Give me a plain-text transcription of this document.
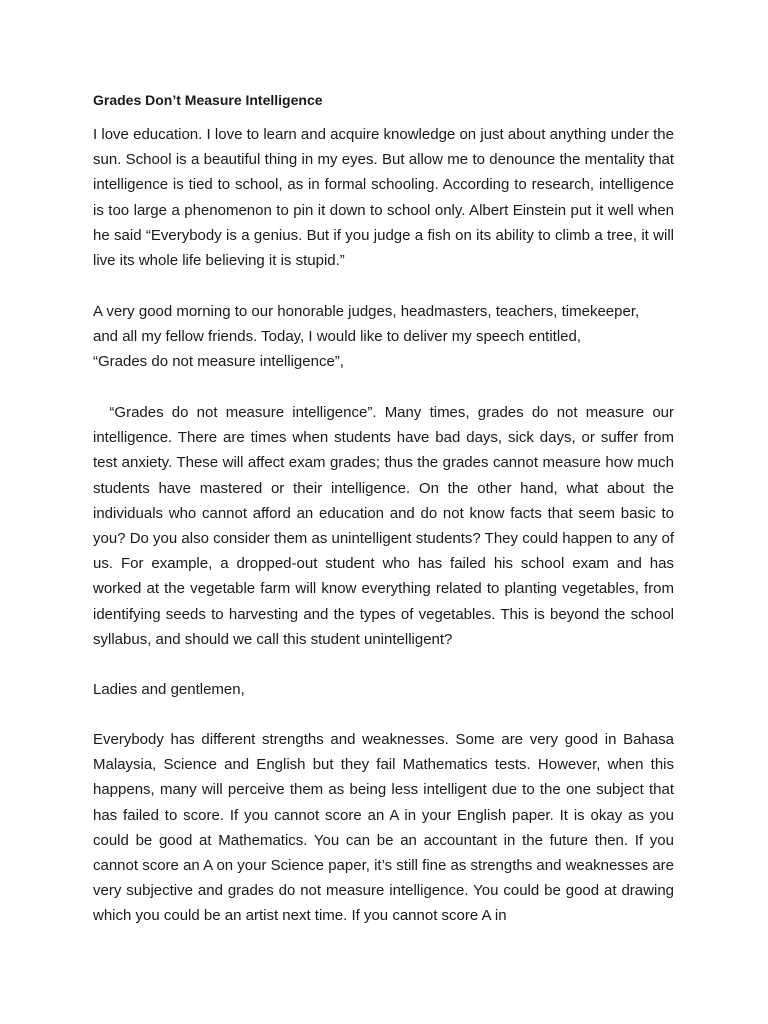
Grades Don’t Measure Intelligence

I love education. I love to learn and acquire knowledge on just about anything under the sun. School is a beautiful thing in my eyes. But allow me to denounce the mentality that intelligence is tied to school, as in formal schooling. According to research, intelligence is too large a phenomenon to pin it down to school only. Albert Einstein put it well when he said “Everybody is a genius. But if you judge a fish on its ability to climb a tree, it will live its whole life believing it is stupid.”

A very good morning to our honorable judges, headmasters, teachers, timekeeper,
and all my fellow friends. Today, I would like to deliver my speech entitled,
“Grades do not measure intelligence”,

“Grades do not measure intelligence”. Many times, grades do not measure our intelligence. There are times when students have bad days, sick days, or suffer from test anxiety. These will affect exam grades; thus the grades cannot measure how much students have mastered or their intelligence. On the other hand, what about the individuals who cannot afford an education and do not know facts that seem basic to you? Do you also consider them as unintelligent students? They could happen to any of us. For example, a dropped-out student who has failed his school exam and has worked at the vegetable farm will know everything related to planting vegetables, from identifying seeds to harvesting and the types of vegetables. This is beyond the school syllabus, and should we call this student unintelligent?

Ladies and gentlemen,

Everybody has different strengths and weaknesses. Some are very good in Bahasa Malaysia, Science and English but they fail Mathematics tests. However, when this happens, many will perceive them as being less intelligent due to the one subject that has failed to score. If you cannot score an A in your English paper. It is okay as you could be good at Mathematics. You can be an accountant in the future then. If you cannot score an A on your Science paper, it’s still fine as strengths and weaknesses are very subjective and grades do not measure intelligence. You could be good at drawing which you could be an artist next time. If you cannot score A in
